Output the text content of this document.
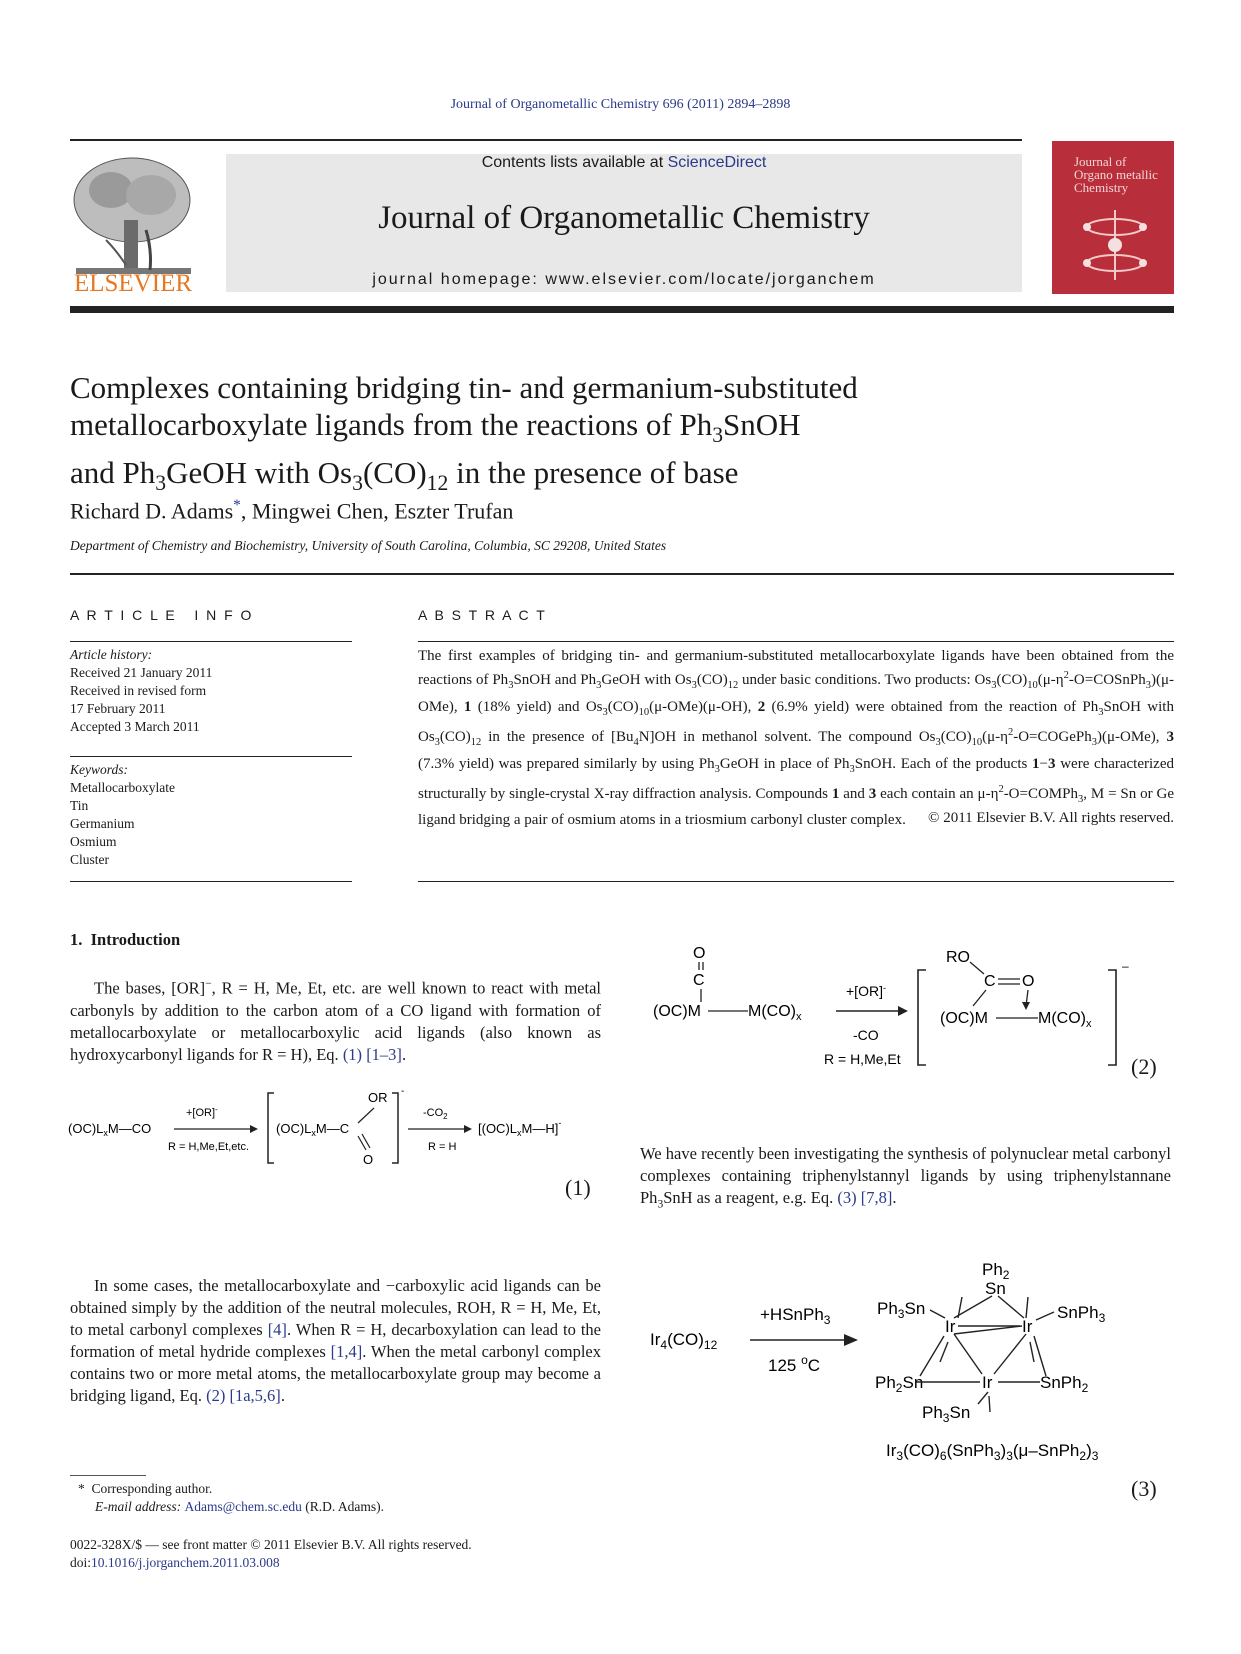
Journal of Organometallic Chemistry 696 (2011) 2894–2898
ELSEVIER
Contents lists available at ScienceDirect
Journal of Organometallic Chemistry
journal homepage: www.elsevier.com/locate/jorganchem
Journal of Organo metallic Chemistry
Complexes containing bridging tin- and germanium-substituted
metallocarboxylate ligands from the reactions of $Ph_3SnOH$
and $Ph_3GeOH$ with $Os_3(CO)_{12}$ in the presence of base
Richard D. Adams*, Mingwei Chen, Eszter Trufan
Department of Chemistry and Biochemistry, University of South Carolina, Columbia, SC 29208, United States
A R T I C L E   I N F O
Article history:
Received 21 January 2011
Received in revised form
17 February 2011
Accepted 3 March 2011
Keywords:
Metallocarboxylate
Tin
Germanium
Osmium
Cluster
A B S T R A C T
The first examples of bridging tin- and germanium-substituted metallocarboxylate ligands have been obtained from the reactions of $Ph_3SnOH$ and $Ph_3GeOH$ with $Os_3(CO)_{12}$ under basic conditions. Two products: $Os_3(CO)_{10}(\mu-\eta^2-O=COSnPh_3)(\mu-OMe)$, 1 (18% yield) and $Os_3(CO)_{10}(\mu-OMe)(\mu-OH)$, 2 (6.9% yield) were obtained from the reaction of $Ph_3SnOH$ with $Os_3(CO)_{12}$ in the presence of $[Bu_4N]OH$ in methanol solvent. The compound $Os_3(CO)_{10}(\mu-\eta^2-O=COGePh_3)(\mu-OMe)$, 3 (7.3% yield) was prepared similarly by using $Ph_3GeOH$ in place of $Ph_3SnOH$. Each of the products 1−3 were characterized structurally by single-crystal X-ray diffraction analysis. Compounds 1 and 3 each contain an $\mu-\eta^2-O=COMPh_3$, M = Sn or Ge ligand bridging a pair of osmium atoms in a triosmium carbonyl cluster complex.	© 2011 Elsevier B.V. All rights reserved.
1.  Introduction
The bases, [OR]−, R = H, Me, Et, etc. are well known to react with metal carbonyls by addition to the carbon atom of a CO ligand with formation of metallocarboxylate or metallocarboxylic acid ligands (also known as hydroxycarbonyl ligands for R = H), Eq. (1) [1–3].
$(OC)L_xM—CO$
+[OR]-
R = H,Me,Et,etc.
$(OC)L_xM—C$
OR
O
-
$-CO_2$
R = H
$[(OC)L_xM—H]^-$
(1)
In some cases, the metallocarboxylate and −carboxylic acid ligands can be obtained simply by the addition of the neutral molecules, ROH, R = H, Me, Et, to metal carbonyl complexes [4]. When R = H, decarboxylation can lead to the formation of metal hydride complexes [1,4]. When the metal carbonyl complex contains two or more metal atoms, the metallocarboxylate group may become a bridging ligand, Eq. (2) [1a,5,6].
O
C
(OC)M	$M(CO)_x$
+[OR]-
-CO
R = H,Me,Et
RO
C O
(OC)M	$M(CO)_x$
–
(2)
We have recently been investigating the synthesis of polynuclear metal carbonyl complexes containing triphenylstannyl ligands by using triphenylstannane $Ph_3SnH$ as a reagent, e.g. Eq. (3) [7,8].
$Ir_4(CO)_{12}$
+HSnPh$_3$
125 $^o$C
$Ph_2$
Sn
$Ph_3Sn$	SnPh$_3$
Ir	Ir
Ir
$Ph_2Sn$	SnPh$_2$
$Ph_3Sn$
$Ir_3(CO)_6(SnPh_3)_3(\mu-SnPh_2)_3$
(3)
* Corresponding author.
E-mail address: Adams@chem.sc.edu (R.D. Adams).
0022-328X/$ — see front matter © 2011 Elsevier B.V. All rights reserved.
doi:10.1016/j.jorganchem.2011.03.008
